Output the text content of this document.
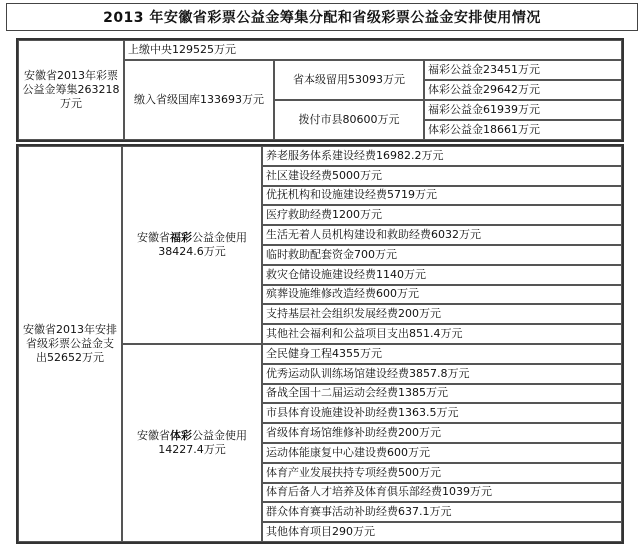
2013 年安徽省彩票公益金筹集分配和省级彩票公益金安排使用情况
安徽省2013年彩票公益金筹集263218万元
上缴中央129525万元
缴入省级国库133693万元
省本级留用53093万元
拨付市县80600万元
福彩公益金23451万元
体彩公益金29642万元
福彩公益金61939万元
体彩公益金18661万元
安徽省2013年安排省级彩票公益金支出52652万元
安徽省福彩公益金使用38424.6万元
养老服务体系建设经费16982.2万元
社区建设经费5000万元
优抚机构和设施建设经费5719万元
医疗救助经费1200万元
生活无着人员机构建设和救助经费6032万元
临时救助配套资金700万元
救灾仓储设施建设经费1140万元
殡葬设施维修改造经费600万元
支持基层社会组织发展经费200万元
其他社会福利和公益项目支出851.4万元
安徽省体彩公益金使用14227.4万元
全民健身工程4355万元
优秀运动队训练场馆建设经费3857.8万元
备战全国十二届运动会经费1385万元
市县体育设施建设补助经费1363.5万元
省级体育场馆维修补助经费200万元
运动体能康复中心建设费600万元
体育产业发展扶持专项经费500万元
体育后备人才培养及体育俱乐部经费1039万元
群众体育赛事活动补助经费637.1万元
其他体育项目290万元
